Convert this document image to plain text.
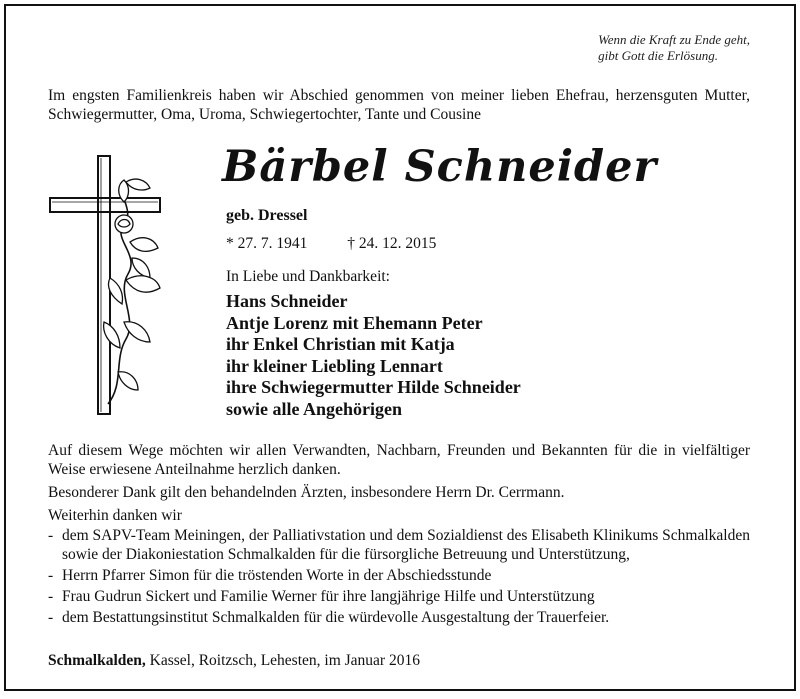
Wenn die Kraft zu Ende geht,
gibt Gott die Erlösung.
Im engsten Familienkreis haben wir Abschied genommen von meiner lieben Ehefrau, herzensguten Mutter, Schwiegermutter, Oma, Uroma, Schwiegertochter, Tante und Cousine
Bärbel Schneider
geb. Dressel
* 27. 7. 1941	† 24. 12. 2015
In Liebe und Dankbarkeit:
Hans Schneider
Antje Lorenz mit Ehemann Peter
ihr Enkel Christian mit Katja
ihr kleiner Liebling Lennart
ihre Schwiegermutter Hilde Schneider
sowie alle Angehörigen

Auf diesem Wege möchten wir allen Verwandten, Nachbarn, Freunden und Bekannten für die in vielfältiger Weise erwiesene Anteilnahme herzlich danken.

Besonderer Dank gilt den behandelnden Ärzten, insbesondere Herrn Dr. Cerrmann.

Weiterhin danken wir

- dem SAPV-Team Meiningen, der Palliativstation und dem Sozialdienst des Elisabeth Klinikums Schmalkalden sowie der Diakoniestation Schmalkalden für die fürsorgliche Betreuung und Unterstützung,
- Herrn Pfarrer Simon für die tröstenden Worte in der Abschiedsstunde
- Frau Gudrun Sickert und Familie Werner für ihre langjährige Hilfe und Unterstützung
- dem Bestattungsinstitut Schmalkalden für die würdevolle Ausgestaltung der Trauerfeier.
Schmalkalden, Kassel, Roitzsch, Lehesten, im Januar 2016
